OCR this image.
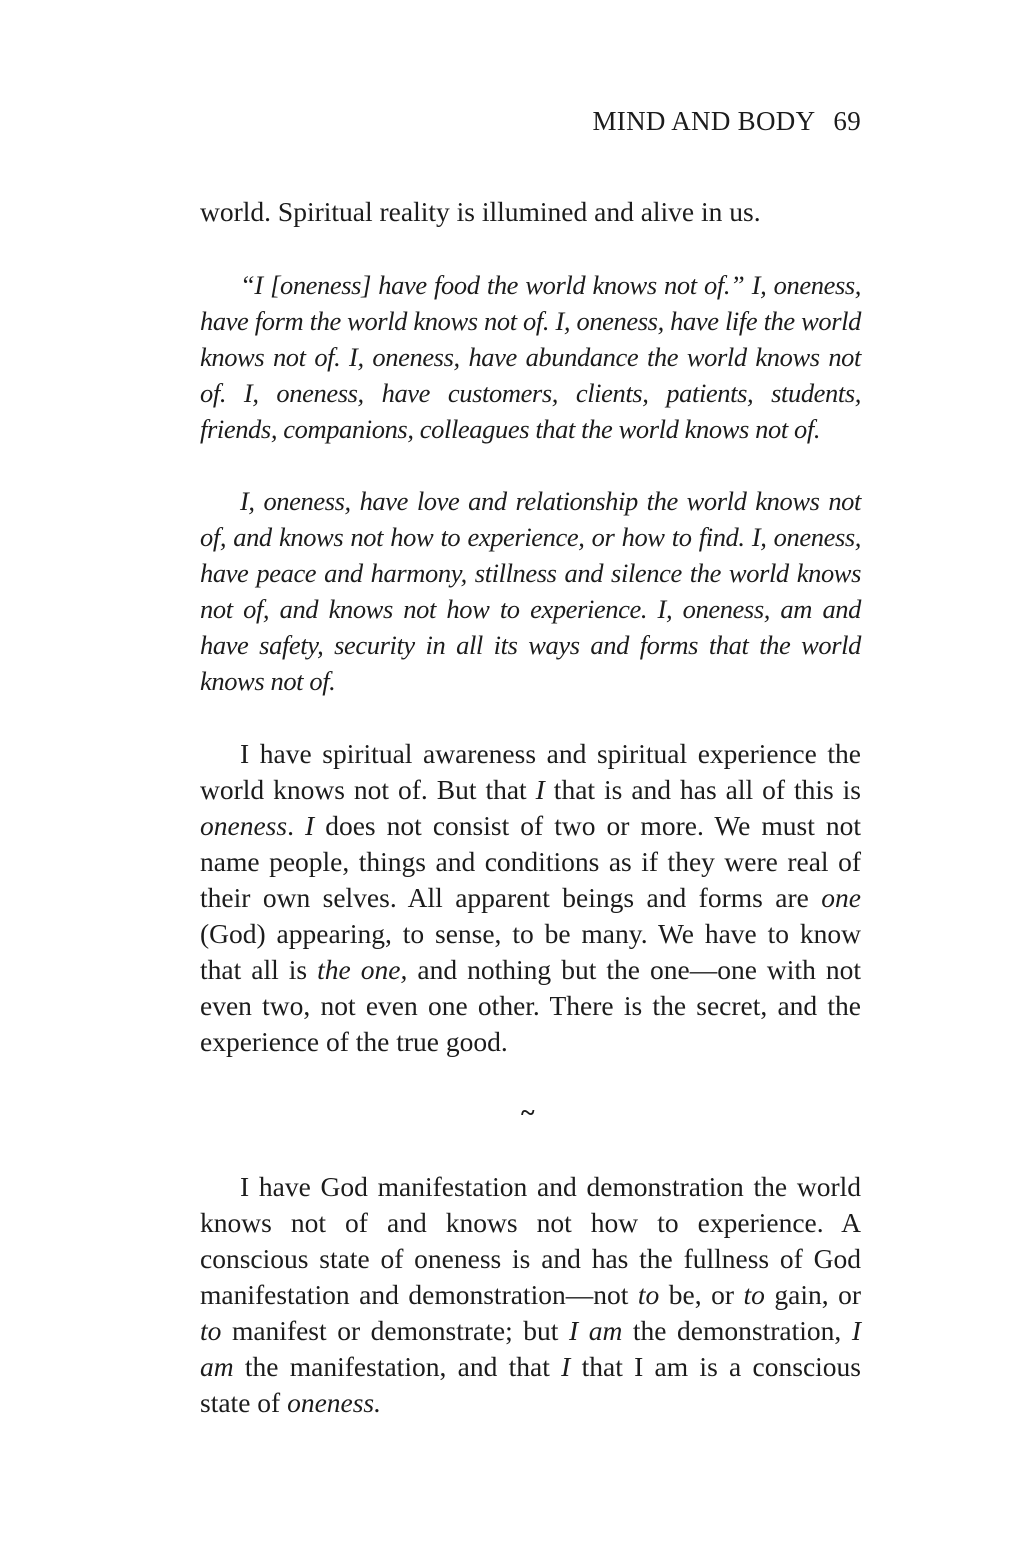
MIND AND BODY 69

world. Spiritual reality is illumined and alive in us.

“I [oneness] have food the world knows not of.” I, oneness, have form the world knows not of. I, oneness, have life the world knows not of. I, oneness, have abundance the world knows not of. I, oneness, have customers, clients, patients, students, friends, companions, colleagues that the world knows not of.

I, oneness, have love and relationship the world knows not of, and knows not how to experience, or how to find. I, oneness, have peace and harmony, stillness and silence the world knows not of, and knows not how to experience. I, oneness, am and have safety, security in all its ways and forms that the world knows not of.

I have spiritual awareness and spiritual experience the world knows not of. But that I that is and has all of this is oneness. I does not consist of two or more. We must not name people, things and conditions as if they were real of their own selves. All apparent beings and forms are one (God) appearing, to sense, to be many. We have to know that all is the one, and nothing but the one—one with not even two, not even one other. There is the secret, and the experience of the true good.

~

I have God manifestation and demonstration the world knows not of and knows not how to experience. A conscious state of oneness is and has the fullness of God manifestation and demonstration—not to be, or to gain, or to manifest or demonstrate; but I am the demonstration, I am the manifestation, and that I that I am is a conscious state of oneness.
